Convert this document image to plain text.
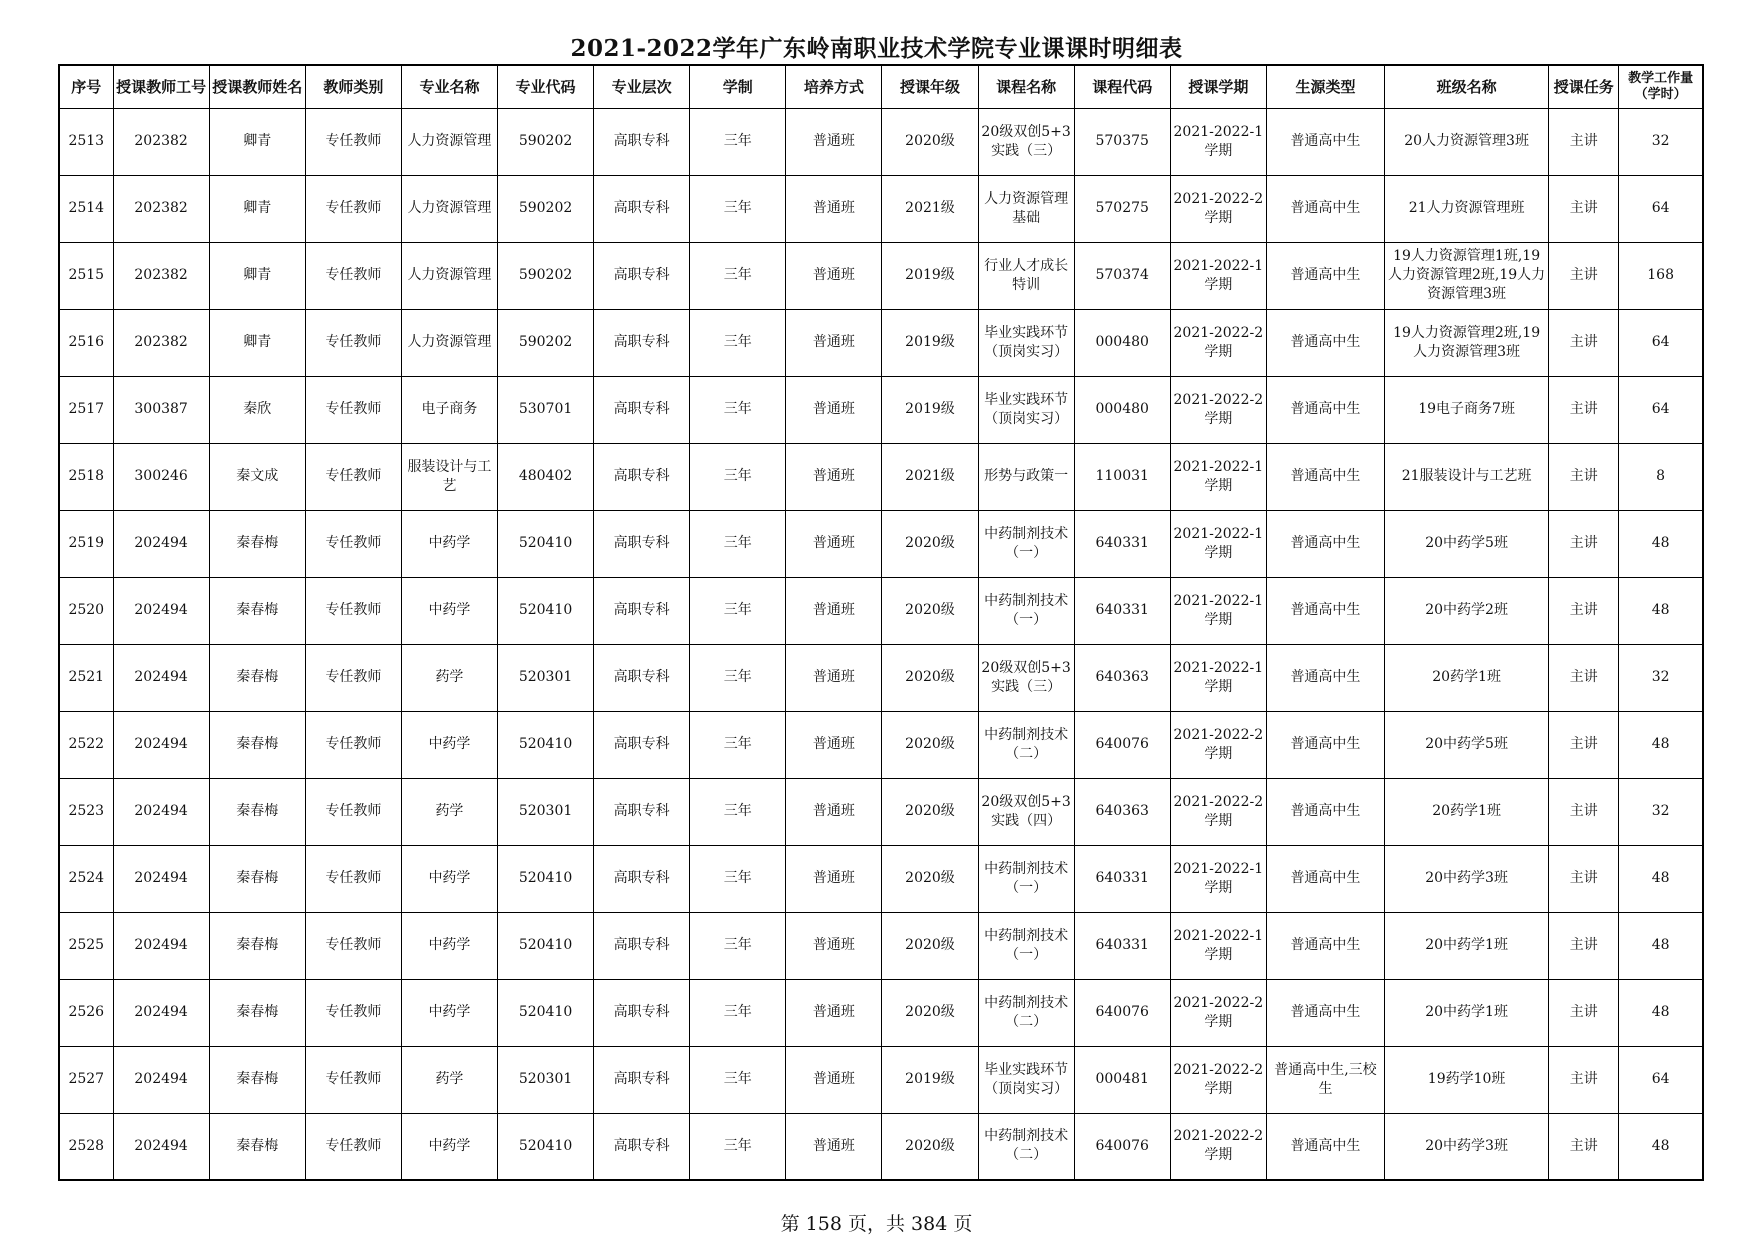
2021-2022学年广东岭南职业技术学院专业课课时明细表
序号	授课教师工号	授课教师姓名	教师类别	专业名称	专业代码	专业层次	学制	培养方式	授课年级	课程名称	课程代码	授课学期	生源类型	班级名称	授课任务	教学工作量（学时）

2513	202382	卿青	专任教师	人力资源管理	590202	高职专科	三年	普通班	2020级	20级双创5+3实践（三）	570375	2021-2022-1学期	普通高中生	20人力资源管理3班	主讲	32

2514	202382	卿青	专任教师	人力资源管理	590202	高职专科	三年	普通班	2021级	人力资源管理基础	570275	2021-2022-2学期	普通高中生	21人力资源管理班	主讲	64

2515	202382	卿青	专任教师	人力资源管理	590202	高职专科	三年	普通班	2019级	行业人才成长特训	570374	2021-2022-1学期	普通高中生	19人力资源管理1班,19人力资源管理2班,19人力资源管理3班	主讲	168

2516	202382	卿青	专任教师	人力资源管理	590202	高职专科	三年	普通班	2019级	毕业实践环节（顶岗实习）	000480	2021-2022-2学期	普通高中生	19人力资源管理2班,19人力资源管理3班	主讲	64

2517	300387	秦欣	专任教师	电子商务	530701	高职专科	三年	普通班	2019级	毕业实践环节（顶岗实习）	000480	2021-2022-2学期	普通高中生	19电子商务7班	主讲	64

2518	300246	秦文成	专任教师	服装设计与工艺	480402	高职专科	三年	普通班	2021级	形势与政策一	110031	2021-2022-1学期	普通高中生	21服装设计与工艺班	主讲	8

2519	202494	秦春梅	专任教师	中药学	520410	高职专科	三年	普通班	2020级	中药制剂技术（一）	640331	2021-2022-1学期	普通高中生	20中药学5班	主讲	48

2520	202494	秦春梅	专任教师	中药学	520410	高职专科	三年	普通班	2020级	中药制剂技术（一）	640331	2021-2022-1学期	普通高中生	20中药学2班	主讲	48

2521	202494	秦春梅	专任教师	药学	520301	高职专科	三年	普通班	2020级	20级双创5+3实践（三）	640363	2021-2022-1学期	普通高中生	20药学1班	主讲	32

2522	202494	秦春梅	专任教师	中药学	520410	高职专科	三年	普通班	2020级	中药制剂技术（二）	640076	2021-2022-2学期	普通高中生	20中药学5班	主讲	48

2523	202494	秦春梅	专任教师	药学	520301	高职专科	三年	普通班	2020级	20级双创5+3实践（四）	640363	2021-2022-2学期	普通高中生	20药学1班	主讲	32

2524	202494	秦春梅	专任教师	中药学	520410	高职专科	三年	普通班	2020级	中药制剂技术（一）	640331	2021-2022-1学期	普通高中生	20中药学3班	主讲	48

2525	202494	秦春梅	专任教师	中药学	520410	高职专科	三年	普通班	2020级	中药制剂技术（一）	640331	2021-2022-1学期	普通高中生	20中药学1班	主讲	48

2526	202494	秦春梅	专任教师	中药学	520410	高职专科	三年	普通班	2020级	中药制剂技术（二）	640076	2021-2022-2学期	普通高中生	20中药学1班	主讲	48

2527	202494	秦春梅	专任教师	药学	520301	高职专科	三年	普通班	2019级	毕业实践环节（顶岗实习）	000481	2021-2022-2学期	普通高中生,三校生	19药学10班	主讲	64

2528	202494	秦春梅	专任教师	中药学	520410	高职专科	三年	普通班	2020级	中药制剂技术（二）	640076	2021-2022-2学期	普通高中生	20中药学3班	主讲	48
第 158 页，共 384 页
